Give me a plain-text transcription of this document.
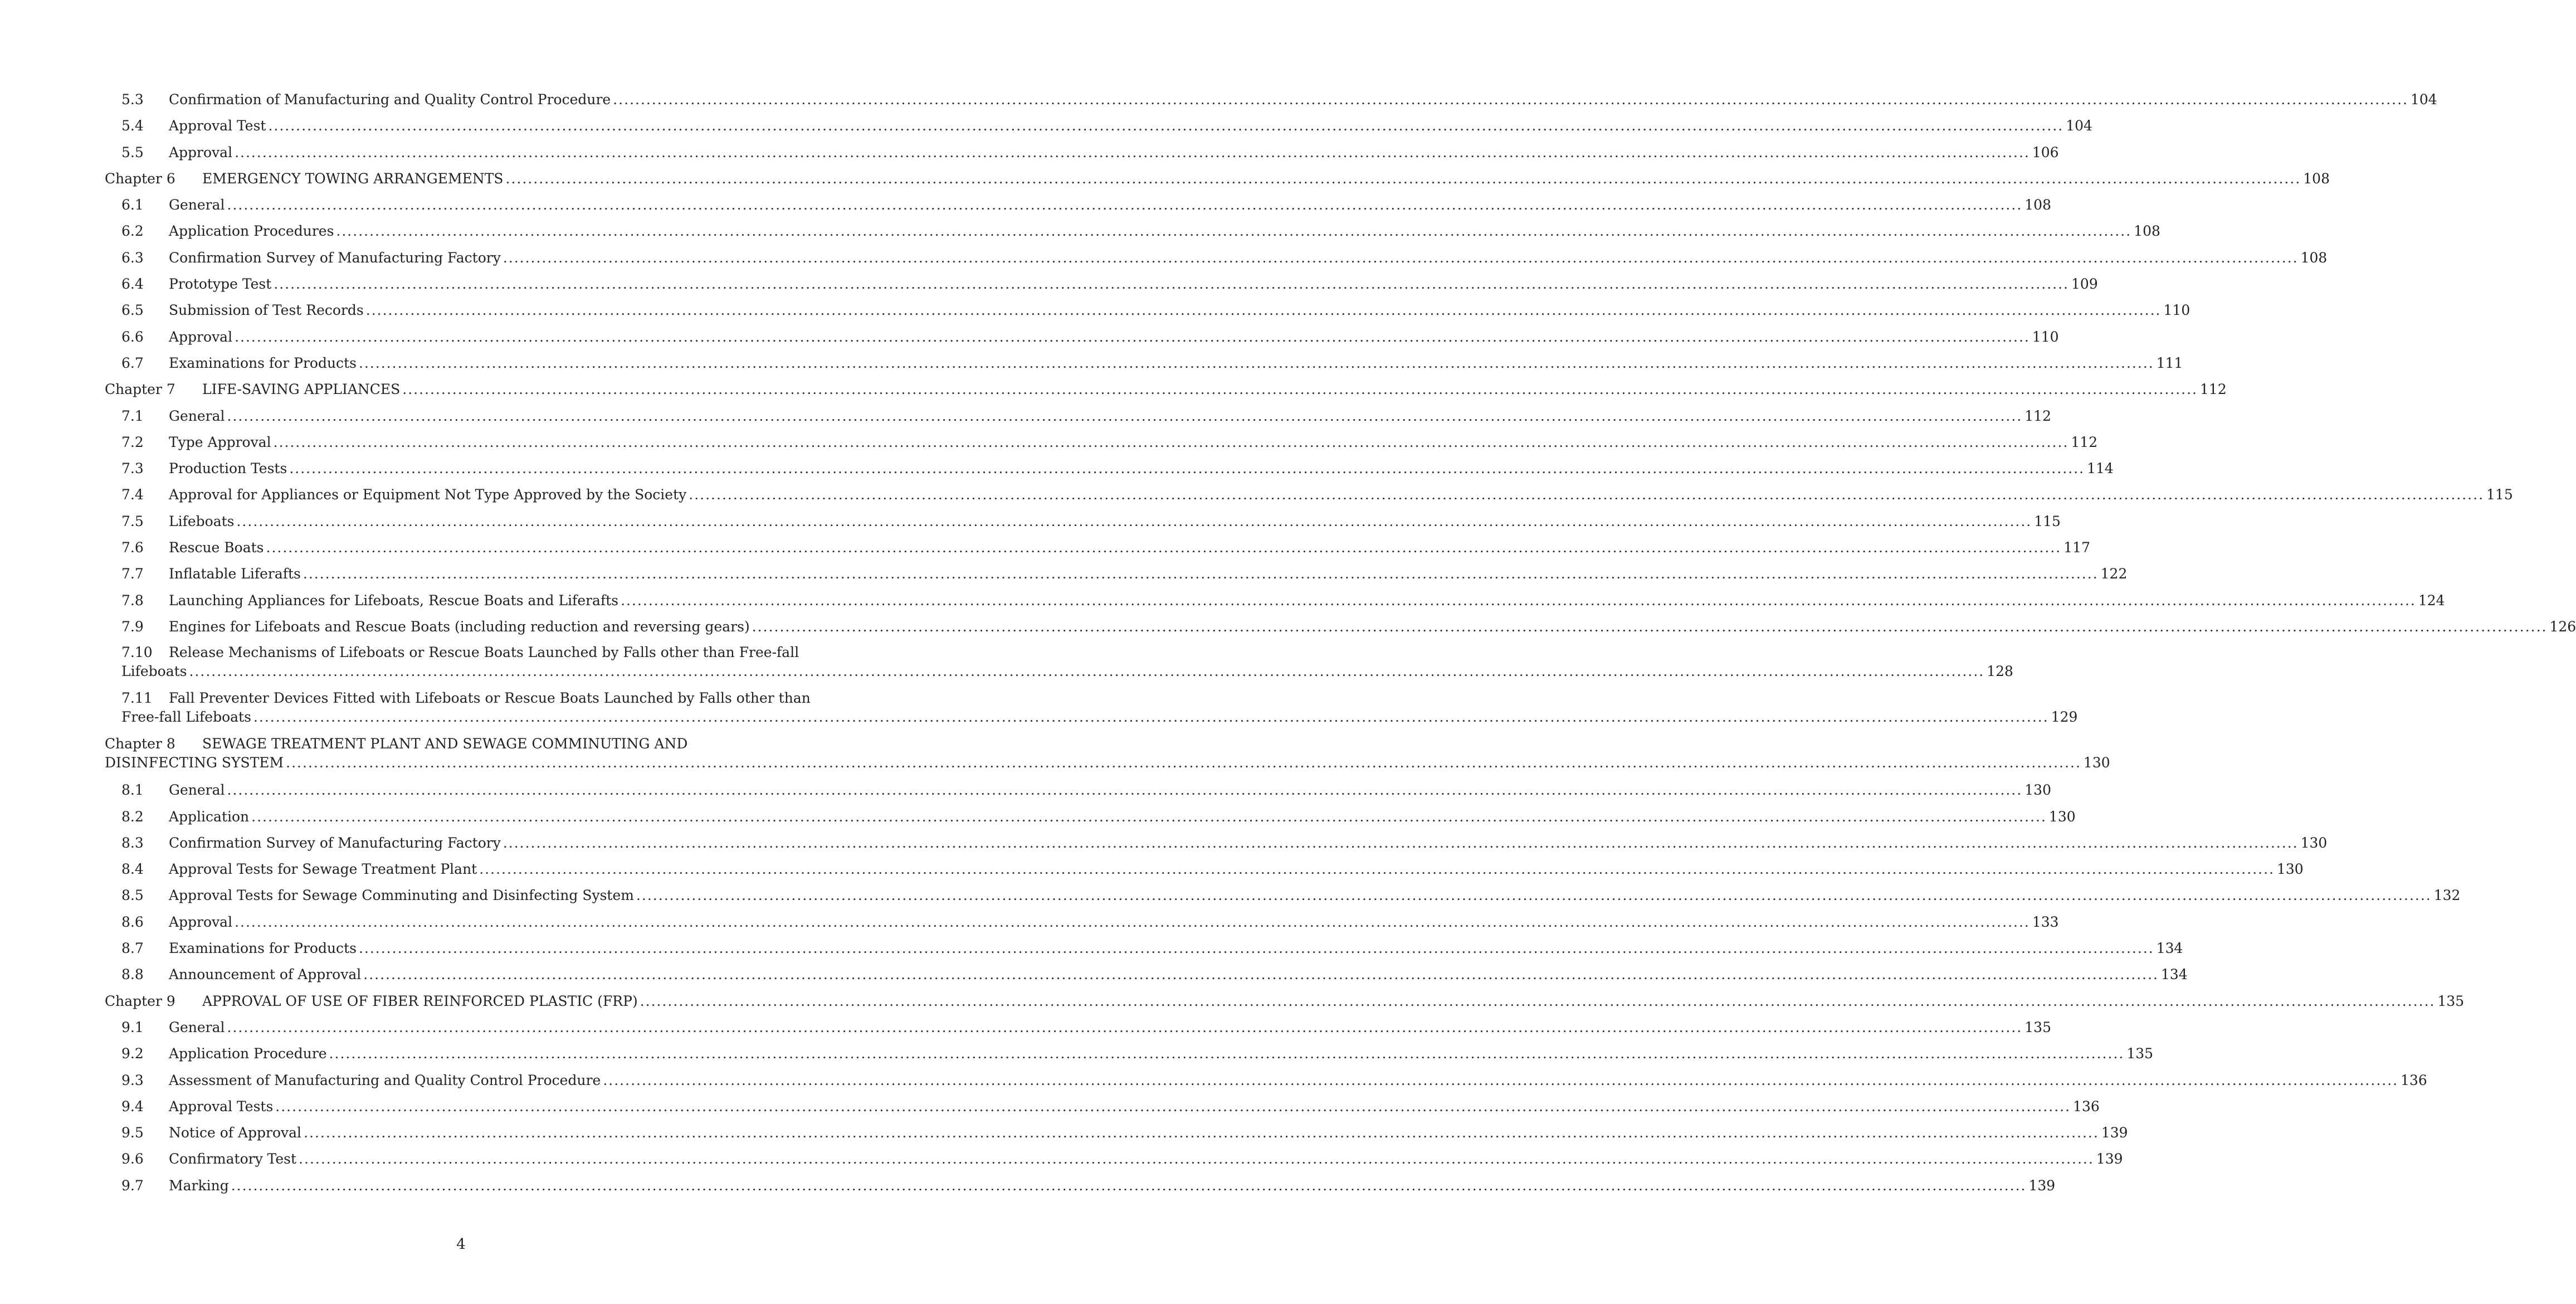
5.3	Confirmation of Manufacturing and Quality Control Procedure .....	104
5.4	Approval Test .....	104
5.5	Approval .....	106
Chapter 6	EMERGENCY TOWING ARRANGEMENTS .....	108
6.1	General .....	108
6.2	Application Procedures .....	108
6.3	Confirmation Survey of Manufacturing Factory .....	108
6.4	Prototype Test .....	109
6.5	Submission of Test Records .....	110
6.6	Approval .....	110
6.7	Examinations for Products .....	111
Chapter 7	LIFE-SAVING APPLIANCES .....	112
7.1	General .....	112
7.2	Type Approval .....	112
7.3	Production Tests .....	114
7.4	Approval for Appliances or Equipment Not Type Approved by the Society .....	115
7.5	Lifeboats .....	115
7.6	Rescue Boats .....	117
7.7	Inflatable Liferafts .....	122
7.8	Launching Appliances for Lifeboats, Rescue Boats and Liferafts .....	124
7.9	Engines for Lifeboats and Rescue Boats (including reduction and reversing gears) .....	126
7.10	Release Mechanisms of Lifeboats or Rescue Boats Launched by Falls other than Free-fall
Lifeboats .....	128
7.11	Fall Preventer Devices Fitted with Lifeboats or Rescue Boats Launched by Falls other than
Free-fall Lifeboats .....	129
Chapter 8	SEWAGE TREATMENT PLANT AND SEWAGE COMMINUTING AND
DISINFECTING SYSTEM .....	130
8.1	General .....	130
8.2	Application .....	130
8.3	Confirmation Survey of Manufacturing Factory .....	130
8.4	Approval Tests for Sewage Treatment Plant .....	130
8.5	Approval Tests for Sewage Comminuting and Disinfecting System .....	132
8.6	Approval .....	133
8.7	Examinations for Products .....	134
8.8	Announcement of Approval .....	134
Chapter 9	APPROVAL OF USE OF FIBER REINFORCED PLASTIC (FRP) .....	135
9.1	General .....	135
9.2	Application Procedure .....	135
9.3	Assessment of Manufacturing and Quality Control Procedure .....	136
9.4	Approval Tests .....	136
9.5	Notice of Approval .....	139
9.6	Confirmatory Test .....	139
9.7	Marking .....	139
4
